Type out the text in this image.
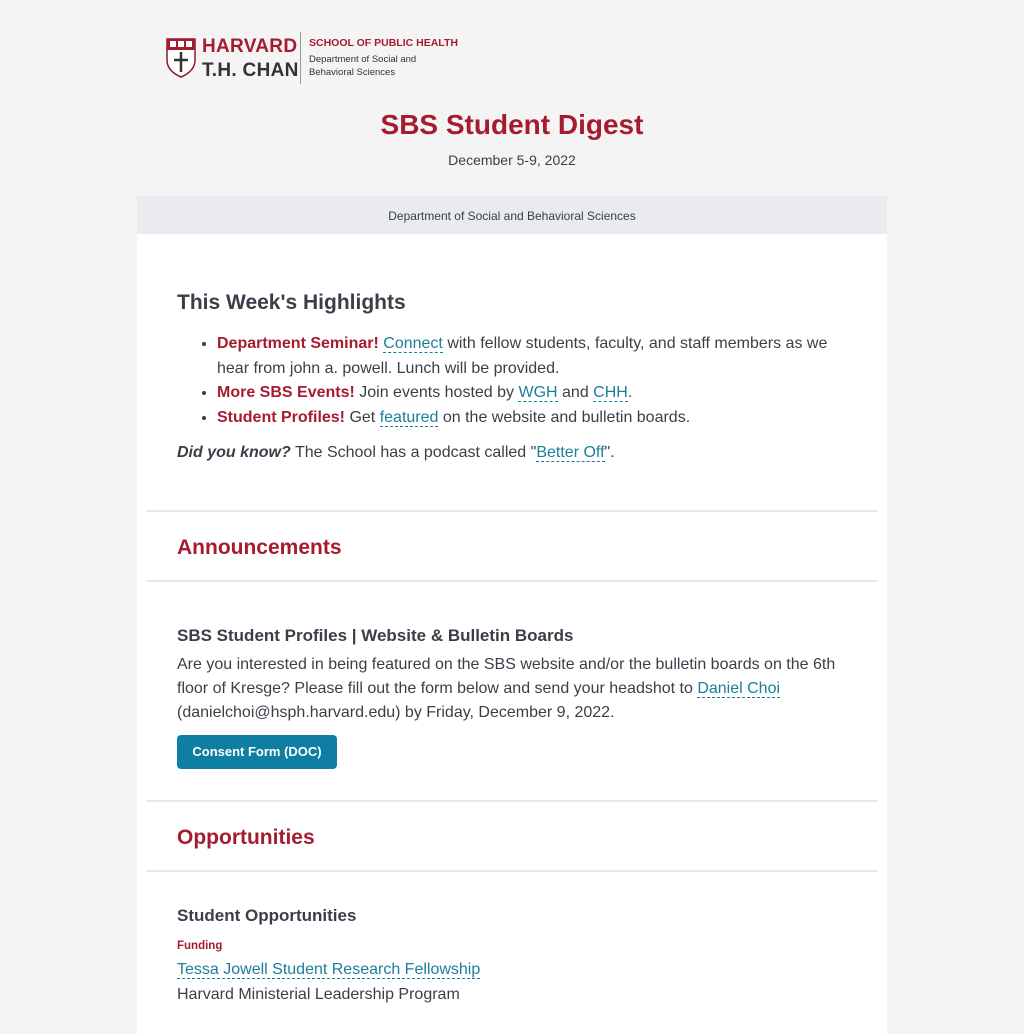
HARVARD
T.H. CHAN
SCHOOL OF PUBLIC HEALTH
Department of Social and
Behavioral Sciences
SBS Student Digest
December 5-9, 2022
Department of Social and Behavioral Sciences
This Week's Highlights
• Department Seminar! Connect with fellow students, faculty, and staff members as we hear from john a. powell. Lunch will be provided.
• More SBS Events! Join events hosted by WGH and CHH.
• Student Profiles! Get featured on the website and bulletin boards.
Did you know? The School has a podcast called "Better Off".
Announcements
SBS Student Profiles | Website & Bulletin Boards

Are you interested in being featured on the SBS website and/or the bulletin boards on the 6th floor of Kresge? Please fill out the form below and send your headshot to Daniel Choi (danielchoi@hsph.harvard.edu) by Friday, December 9, 2022.

Consent Form (DOC)
Opportunities
Student Opportunities
Funding
Tessa Jowell Student Research Fellowship
Harvard Ministerial Leadership Program
